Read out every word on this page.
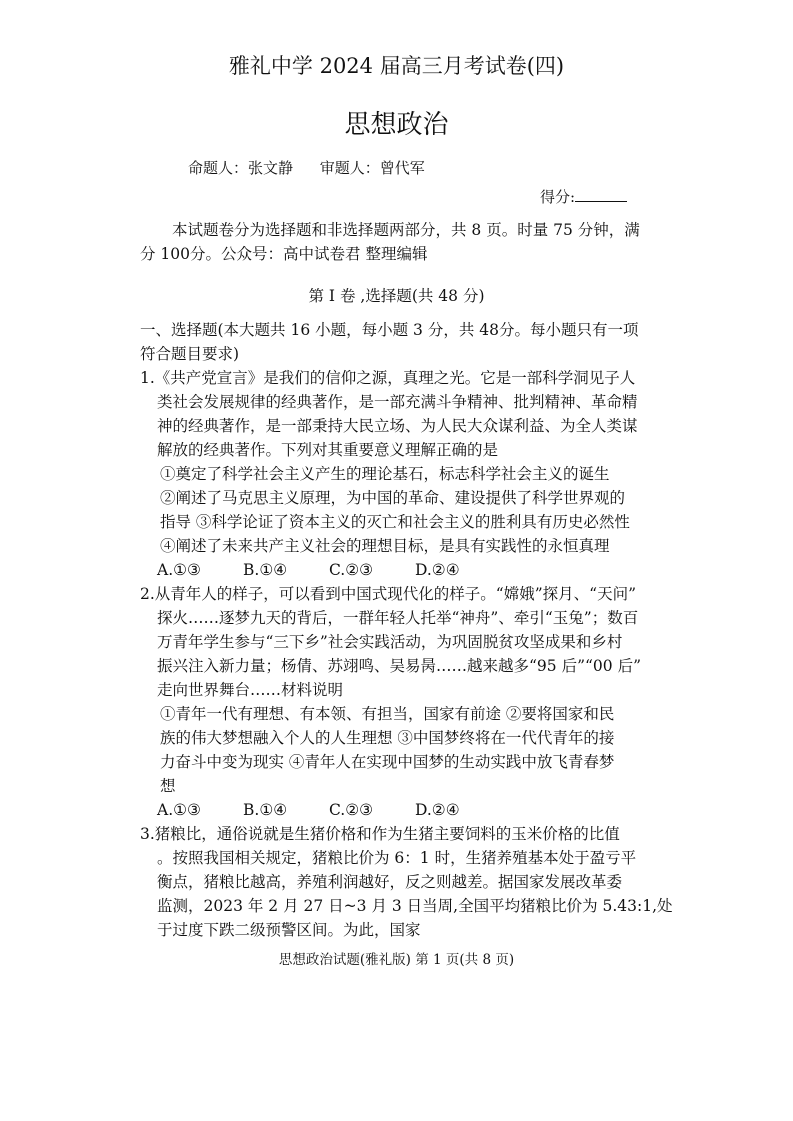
雅礼中学 2024 届高三月考试卷(四)
思想政治
命题人：张文静 审题人：曾代军
得分:
本试题卷分为选择题和非选择题两部分，共 8 页。时量 75 分钟，满
分 100分。公众号：高中试卷君 整理编辑
第 I 卷 ,选择题(共 48 分)
一、选择题(本大题共 16 小题，每小题 3 分，共 48分。每小题只有一项
符合题目要求)
1.《共产党宣言》是我们的信仰之源，真理之光。它是一部科学洞见子人
类社会发展规律的经典著作，是一部充满斗争精神、批判精神、革命精
神的经典著作，是一部秉持大民立场、为人民大众谋利益、为全人类谋
解放的经典著作。下列对其重要意义理解正确的是
①奠定了科学社会主义产生的理论基石，标志科学社会主义的诞生
②阐述了马克思主义原理，为中国的革命、建设提供了科学世界观的
指导 ③科学论证了资本主义的灭亡和社会主义的胜利具有历史必然性
④阐述了未来共产主义社会的理想目标，是具有实践性的永恒真理
A.①③	B.①④	C.②③	D.②④
2.从青年人的样子，可以看到中国式现代化的样子。“嫦娥”探月、“天问”
探火……逐梦九天的背后，一群年轻人托举“神舟”、牵引“玉兔”；数百
万青年学生参与“三下乡”社会实践活动，为巩固脱贫攻坚成果和乡村
振兴注入新力量；杨倩、苏翊鸣、吴易昺……越来越多“95 后”“00 后”
走向世界舞台……材料说明
①青年一代有理想、有本领、有担当，国家有前途 ②要将国家和民
族的伟大梦想融入个人的人生理想 ③中国梦终将在一代代青年的接
力奋斗中变为现实 ④青年人在实现中国梦的生动实践中放飞青春梦
想
A.①③	B.①④	C.②③	D.②④
3.猪粮比，通俗说就是生猪价格和作为生猪主要饲料的玉米价格的比值
。按照我国相关规定，猪粮比价为 6：1 时，生猪养殖基本处于盈亏平
衡点，猪粮比越高，养殖利润越好，反之则越差。据国家发展改革委
监测，2023 年 2 月 27 日~3 月 3 日当周,全国平均猪粮比价为 5.43:1,处
于过度下跌二级预警区间。为此，国家
思想政治试题(雅礼版) 第 1 页(共 8 页)
